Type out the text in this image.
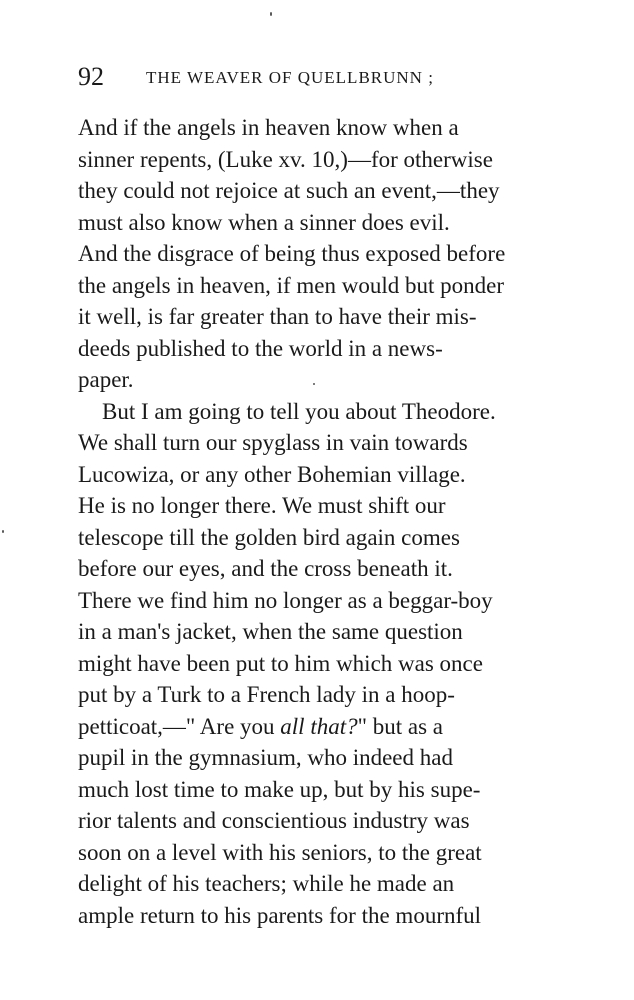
92 THE WEAVER OF QUELLBRUNN ;
And if the angels in heaven know when a
sinner repents, (Luke xv. 10,)—for otherwise
they could not rejoice at such an event,—they
must also know when a sinner does evil.
And the disgrace of being thus exposed before
the angels in heaven, if men would but ponder
it well, is far greater than to have their mis-
deeds published to the world in a news-
paper.
But I am going to tell you about Theodore.
We shall turn our spyglass in vain towards
Lucowiza, or any other Bohemian village.
He is no longer there. We must shift our
telescope till the golden bird again comes
before our eyes, and the cross beneath it.
There we find him no longer as a beggar-boy
in a man's jacket, when the same question
might have been put to him which was once
put by a Turk to a French lady in a hoop-
petticoat,—" Are you all that?" but as a
pupil in the gymnasium, who indeed had
much lost time to make up, but by his supe-
rior talents and conscientious industry was
soon on a level with his seniors, to the great
delight of his teachers; while he made an
ample return to his parents for the mournful
